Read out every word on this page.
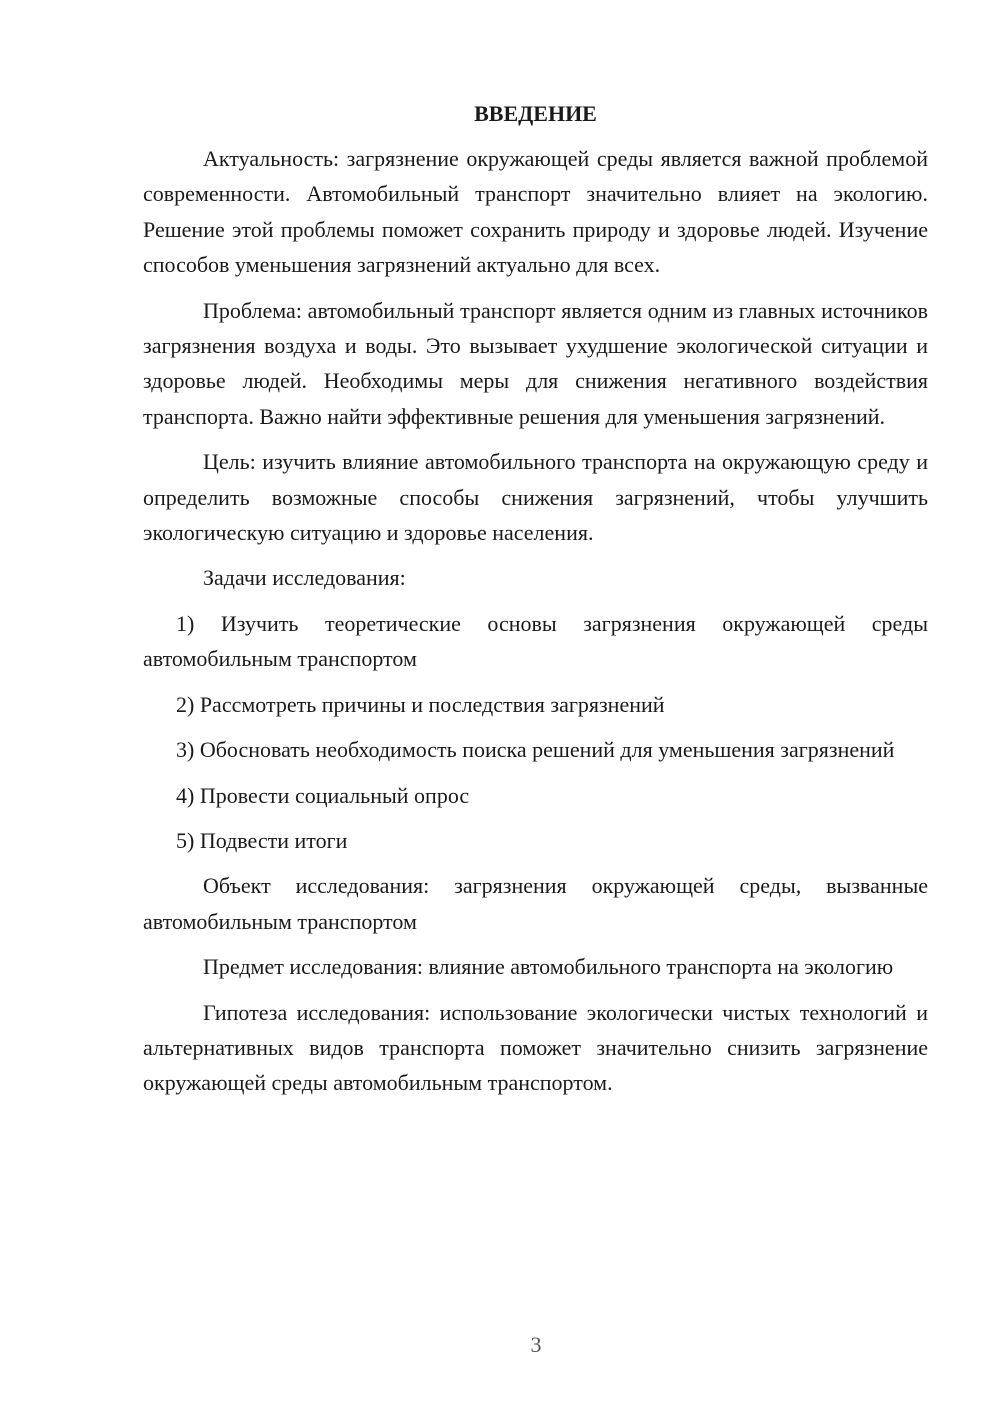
ВВЕДЕНИЕ

Актуальность: загрязнение окружающей среды является важной проблемой современности. Автомобильный транспорт значительно влияет на экологию. Решение этой проблемы поможет сохранить природу и здоровье людей. Изучение способов уменьшения загрязнений актуально для всех.

Проблема: автомобильный транспорт является одним из главных источников загрязнения воздуха и воды. Это вызывает ухудшение экологической ситуации и здоровье людей. Необходимы меры для снижения негативного воздействия транспорта. Важно найти эффективные решения для уменьшения загрязнений.

Цель: изучить влияние автомобильного транспорта на окружающую среду и определить возможные способы снижения загрязнений, чтобы улучшить экологическую ситуацию и здоровье населения.

Задачи исследования:

1) Изучить теоретические основы загрязнения окружающей среды автомобильным транспортом

2) Рассмотреть причины и последствия загрязнений

3) Обосновать необходимость поиска решений для уменьшения загрязнений

4) Провести социальный опрос

5) Подвести итоги

Объект исследования: загрязнения окружающей среды, вызванные автомобильным транспортом

Предмет исследования: влияние автомобильного транспорта на экологию

Гипотеза исследования: использование экологически чистых технологий и альтернативных видов транспорта поможет значительно снизить загрязнение окружающей среды автомобильным транспортом.

3
